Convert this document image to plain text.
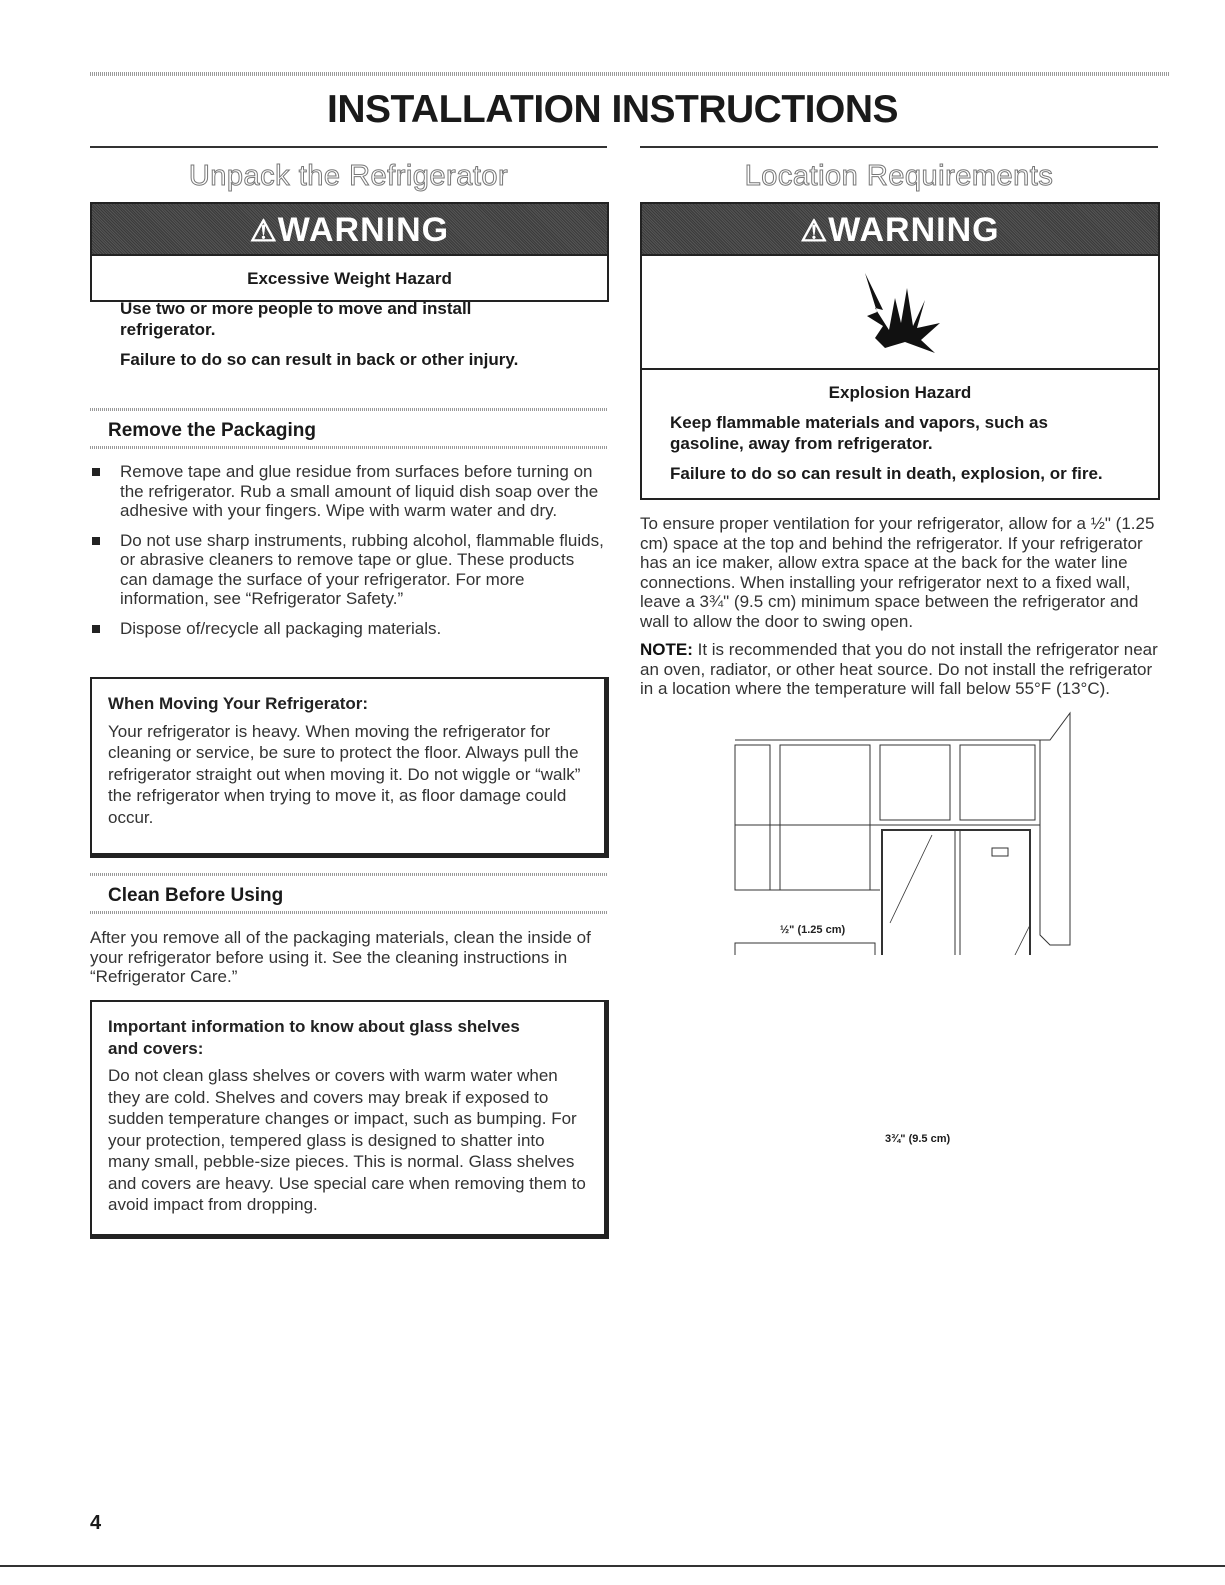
INSTALLATION INSTRUCTIONS
Unpack the Refrigerator
⚠WARNING

Excessive Weight Hazard

Use two or more people to move and install refrigerator.

Failure to do so can result in back or other injury.

Remove the Packaging
Remove tape and glue residue from surfaces before turning on the refrigerator. Rub a small amount of liquid dish soap over the adhesive with your fingers. Wipe with warm water and dry.
Do not use sharp instruments, rubbing alcohol, flammable fluids, or abrasive cleaners to remove tape or glue. These products can damage the surface of your refrigerator. For more information, see “Refrigerator Safety.”
Dispose of/recycle all packaging materials.
When Moving Your Refrigerator:
Your refrigerator is heavy. When moving the refrigerator for cleaning or service, be sure to protect the floor. Always pull the refrigerator straight out when moving it. Do not wiggle or “walk” the refrigerator when trying to move it, as floor damage could occur.
Clean Before Using

After you remove all of the packaging materials, clean the inside of your refrigerator before using it. See the cleaning instructions in “Refrigerator Care.”

Important information to know about glass shelves and covers:
Do not clean glass shelves or covers with warm water when they are cold. Shelves and covers may break if exposed to sudden temperature changes or impact, such as bumping. For your protection, tempered glass is designed to shatter into many small, pebble-size pieces. This is normal. Glass shelves and covers are heavy. Use special care when removing them to avoid impact from dropping.
Location Requirements
⚠WARNING

Explosion Hazard

Keep flammable materials and vapors, such as gasoline, away from refrigerator.

Failure to do so can result in death, explosion, or fire.

To ensure proper ventilation for your refrigerator, allow for a ½" (1.25 cm) space at the top and behind the refrigerator. If your refrigerator has an ice maker, allow extra space at the back for the water line connections. When installing your refrigerator next to a fixed wall, leave a 3¾" (9.5 cm) minimum space between the refrigerator and wall to allow the door to swing open.

NOTE: It is recommended that you do not install the refrigerator near an oven, radiator, or other heat source. Do not install the refrigerator in a location where the temperature will fall below 55°F (13°C).

½" (1.25 cm)
3¾" (9.5 cm)
4
